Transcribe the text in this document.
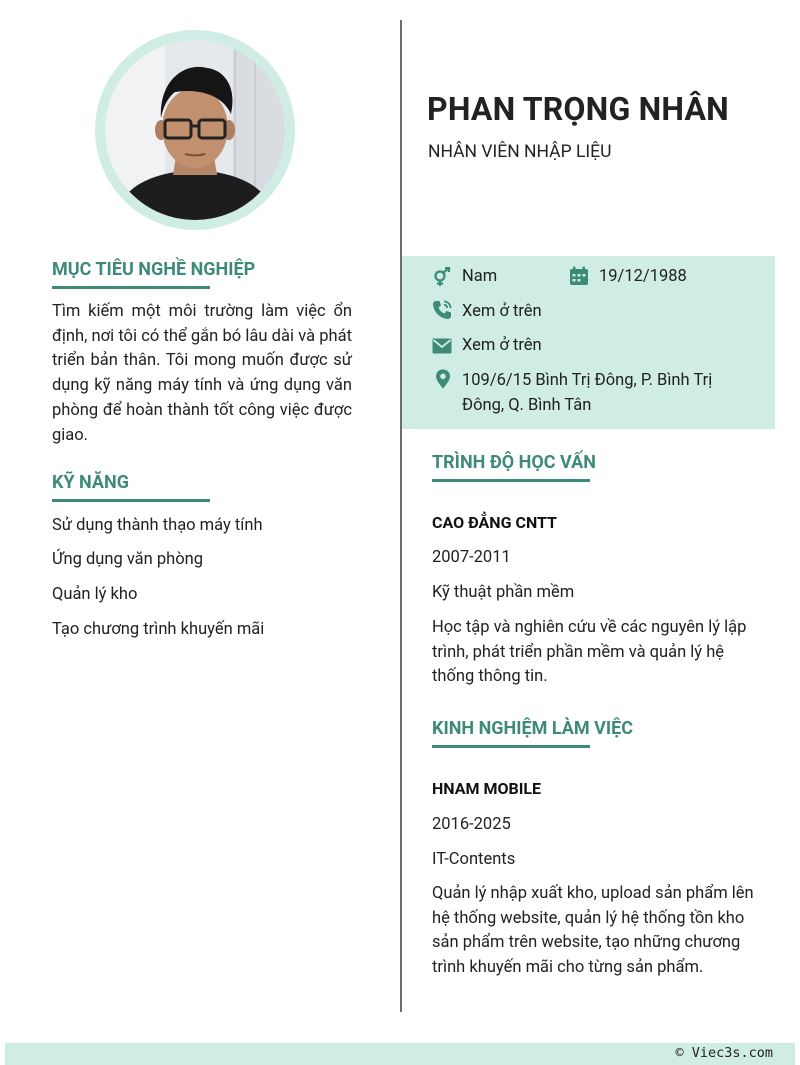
MỤC TIÊU NGHỀ NGHIỆP
Tìm kiếm một môi trường làm việc ổn định, nơi tôi có thể gắn bó lâu dài và phát triển bản thân. Tôi mong muốn được sử dụng kỹ năng máy tính và ứng dụng văn phòng để hoàn thành tốt công việc được giao.
KỸ NĂNG
Sử dụng thành thạo máy tính
Ứng dụng văn phòng
Quản lý kho
Tạo chương trình khuyến mãi
PHAN TRỌNG NHÂN
NHÂN VIÊN NHẬP LIỆU
Nam	19/12/1988
Xem ở trên
Xem ở trên
109/6/15 Bình Trị Đông, P. Bình Trị Đông, Q. Bình Tân
TRÌNH ĐỘ HỌC VẤN
CAO ĐẲNG CNTT
2007-2011
Kỹ thuật phần mềm
Học tập và nghiên cứu về các nguyên lý lập trình, phát triển phần mềm và quản lý hệ thống thông tin.
KINH NGHIỆM LÀM VIỆC
HNAM MOBILE
2016-2025
IT-Contents
Quản lý nhập xuất kho, upload sản phẩm lên hệ thống website, quản lý hệ thống tồn kho sản phẩm trên website, tạo những chương trình khuyến mãi cho từng sản phẩm.
© Viec3s.com
